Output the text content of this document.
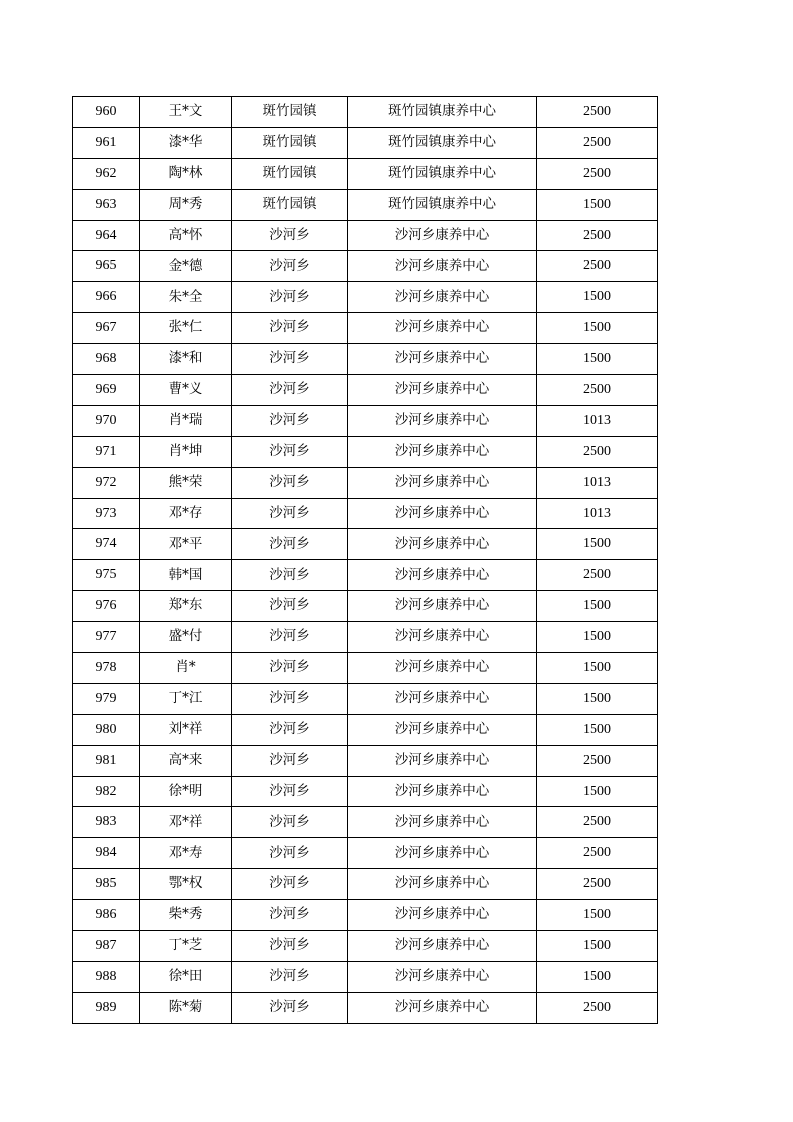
960	王*文	斑竹园镇	斑竹园镇康养中心	2500
961	漆*华	斑竹园镇	斑竹园镇康养中心	2500
962	陶*林	斑竹园镇	斑竹园镇康养中心	2500
963	周*秀	斑竹园镇	斑竹园镇康养中心	1500
964	高*怀	沙河乡	沙河乡康养中心	2500
965	金*德	沙河乡	沙河乡康养中心	2500
966	朱*全	沙河乡	沙河乡康养中心	1500
967	张*仁	沙河乡	沙河乡康养中心	1500
968	漆*和	沙河乡	沙河乡康养中心	1500
969	曹*义	沙河乡	沙河乡康养中心	2500
970	肖*瑞	沙河乡	沙河乡康养中心	1013
971	肖*坤	沙河乡	沙河乡康养中心	2500
972	熊*荣	沙河乡	沙河乡康养中心	1013
973	邓*存	沙河乡	沙河乡康养中心	1013
974	邓*平	沙河乡	沙河乡康养中心	1500
975	韩*国	沙河乡	沙河乡康养中心	2500
976	郑*东	沙河乡	沙河乡康养中心	1500
977	盛*付	沙河乡	沙河乡康养中心	1500
978	肖*	沙河乡	沙河乡康养中心	1500
979	丁*江	沙河乡	沙河乡康养中心	1500
980	刘*祥	沙河乡	沙河乡康养中心	1500
981	高*来	沙河乡	沙河乡康养中心	2500
982	徐*明	沙河乡	沙河乡康养中心	1500
983	邓*祥	沙河乡	沙河乡康养中心	2500
984	邓*寿	沙河乡	沙河乡康养中心	2500
985	鄂*权	沙河乡	沙河乡康养中心	2500
986	柴*秀	沙河乡	沙河乡康养中心	1500
987	丁*芝	沙河乡	沙河乡康养中心	1500
988	徐*田	沙河乡	沙河乡康养中心	1500
989	陈*菊	沙河乡	沙河乡康养中心	2500
